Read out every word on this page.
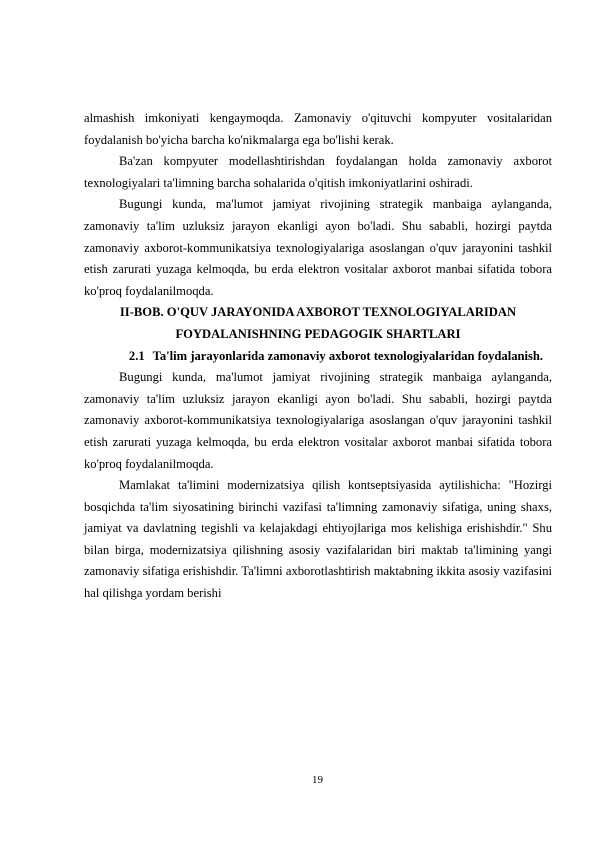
almashish imkoniyati kengaymoqda. Zamonaviy o'qituvchi kompyuter vositalaridan foydalanish bo'yicha barcha ko'nikmalarga ega bo'lishi kerak.

Ba'zan kompyuter modellashtirishdan foydalangan holda zamonaviy axborot texnologiyalari ta'limning barcha sohalarida o'qitish imkoniyatlarini oshiradi.

Bugungi kunda, ma'lumot jamiyat rivojining strategik manbaiga aylanganda, zamonaviy ta'lim uzluksiz jarayon ekanligi ayon bo'ladi. Shu sababli, hozirgi paytda zamonaviy axborot-kommunikatsiya texnologiyalariga asoslangan o'quv jarayonini tashkil etish zarurati yuzaga kelmoqda, bu erda elektron vositalar axborot manbai sifatida tobora ko'proq foydalanilmoqda.

II-BOB. O'QUV JARAYONIDA AXBOROT TEXNOLOGIYALARIDAN FOYDALANISHNING PEDAGOGIK SHARTLARI

2.1 Ta'lim jarayonlarida zamonaviy axborot texnologiyalaridan foydalanish.

Bugungi kunda, ma'lumot jamiyat rivojining strategik manbaiga aylanganda, zamonaviy ta'lim uzluksiz jarayon ekanligi ayon bo'ladi. Shu sababli, hozirgi paytda zamonaviy axborot-kommunikatsiya texnologiyalariga asoslangan o'quv jarayonini tashkil etish zarurati yuzaga kelmoqda, bu erda elektron vositalar axborot manbai sifatida tobora ko'proq foydalanilmoqda.

Mamlakat ta'limini modernizatsiya qilish kontseptsiyasida aytilishicha: "Hozirgi bosqichda ta'lim siyosatining birinchi vazifasi ta'limning zamonaviy sifatiga, uning shaxs, jamiyat va davlatning tegishli va kelajakdagi ehtiyojlariga mos kelishiga erishishdir." Shu bilan birga, modernizatsiya qilishning asosiy vazifalaridan biri maktab ta'limining yangi zamonaviy sifatiga erishishdir. Ta'limni axborotlashtirish maktabning ikkita asosiy vazifasini hal qilishga yordam berishi

19
